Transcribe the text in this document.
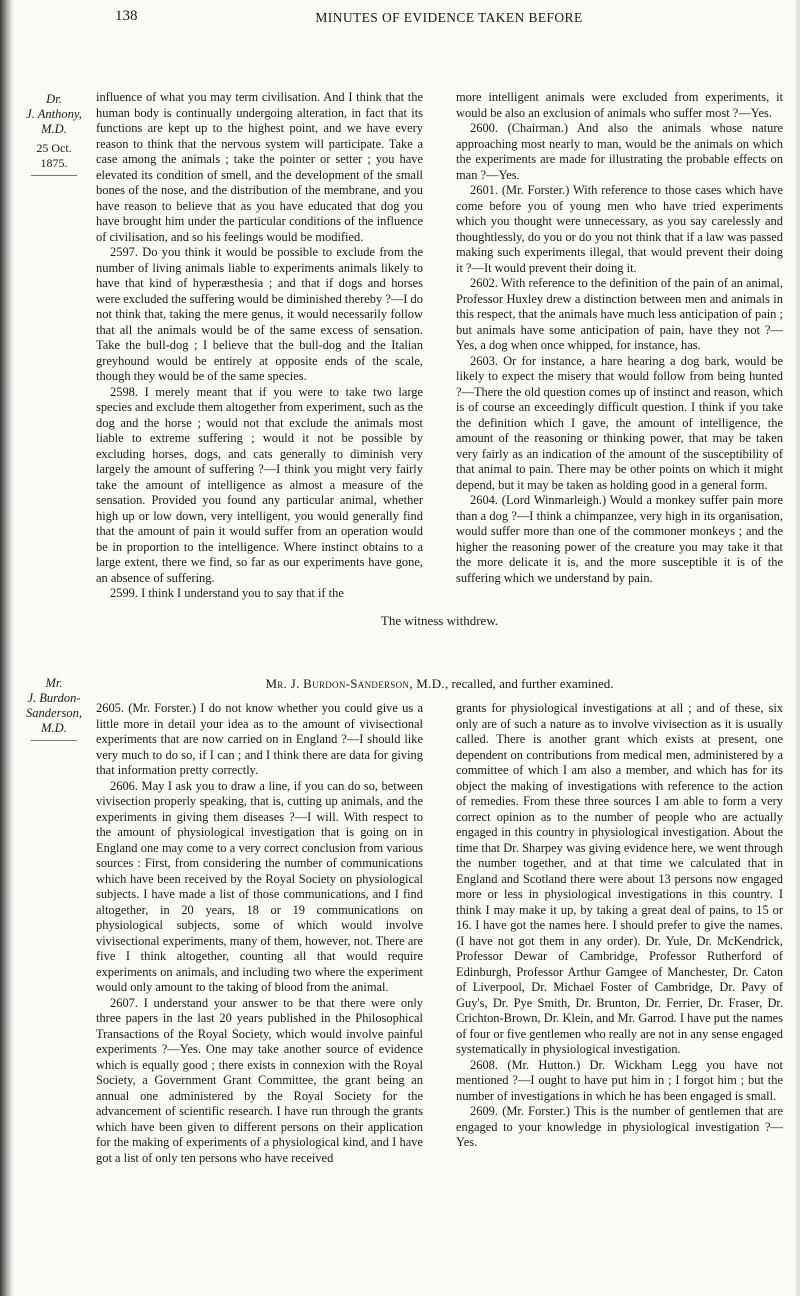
138	MINUTES OF EVIDENCE TAKEN BEFORE
Dr.
J. Anthony,
M.D.
25 Oct. 1875.

influence of what you may term civilisation. And I think that the human body is continually undergoing alteration, in fact that its functions are kept up to the highest point, and we have every reason to think that the nervous system will participate. Take a case among the animals ; take the pointer or setter ; you have elevated its condition of smell, and the development of the small bones of the nose, and the distribution of the membrane, and you have reason to believe that as you have educated that dog you have brought him under the particular conditions of the influence of civilisation, and so his feelings would be modified.

2597. Do you think it would be possible to exclude from the number of living animals liable to experiments animals likely to have that kind of hyperæsthesia ; and that if dogs and horses were excluded the suffering would be diminished thereby ?—I do not think that, taking the mere genus, it would necessarily follow that all the animals would be of the same excess of sensation. Take the bull-dog ; I believe that the bull-dog and the Italian greyhound would be entirely at opposite ends of the scale, though they would be of the same species.

2598. I merely meant that if you were to take two large species and exclude them altogether from experiment, such as the dog and the horse ; would not that exclude the animals most liable to extreme suffering ; would it not be possible by excluding horses, dogs, and cats generally to diminish very largely the amount of suffering ?—I think you might very fairly take the amount of intelligence as almost a measure of the sensation. Provided you found any particular animal, whether high up or low down, very intelligent, you would generally find that the amount of pain it would suffer from an operation would be in proportion to the intelligence. Where instinct obtains to a large extent, there we find, so far as our experiments have gone, an absence of suffering.

2599. I think I understand you to say that if the

more intelligent animals were excluded from experiments, it would be also an exclusion of animals who suffer most ?—Yes.

2600. (Chairman.) And also the animals whose nature approaching most nearly to man, would be the animals on which the experiments are made for illustrating the probable effects on man ?—Yes.

2601. (Mr. Forster.) With reference to those cases which have come before you of young men who have tried experiments which you thought were unnecessary, as you say carelessly and thoughtlessly, do you or do you not think that if a law was passed making such experiments illegal, that would prevent their doing it ?—It would prevent their doing it.

2602. With reference to the definition of the pain of an animal, Professor Huxley drew a distinction between men and animals in this respect, that the animals have much less anticipation of pain ; but animals have some anticipation of pain, have they not ?—Yes, a dog when once whipped, for instance, has.

2603. Or for instance, a hare hearing a dog bark, would be likely to expect the misery that would follow from being hunted ?—There the old question comes up of instinct and reason, which is of course an exceedingly difficult question. I think if you take the definition which I gave, the amount of intelligence, the amount of the reasoning or thinking power, that may be taken very fairly as an indication of the amount of the susceptibility of that animal to pain. There may be other points on which it might depend, but it may be taken as holding good in a general form.

2604. (Lord Winmarleigh.) Would a monkey suffer pain more than a dog ?—I think a chimpanzee, very high in its organisation, would suffer more than one of the commoner monkeys ; and the higher the reasoning power of the creature you may take it that the more delicate it is, and the more susceptible it is of the suffering which we understand by pain.

The witness withdrew.
Mr.
J. Burdon-
Sanderson,
M.D.
Mr. J. Burdon-Sanderson, M.D., recalled, and further examined.

2605. (Mr. Forster.) I do not know whether you could give us a little more in detail your idea as to the amount of vivisectional experiments that are now carried on in England ?—I should like very much to do so, if I can ; and I think there are data for giving that information pretty correctly.

2606. May I ask you to draw a line, if you can do so, between vivisection properly speaking, that is, cutting up animals, and the experiments in giving them diseases ?—I will. With respect to the amount of physiological investigation that is going on in England one may come to a very correct conclusion from various sources : First, from considering the number of communications which have been received by the Royal Society on physiological subjects. I have made a list of those communications, and I find altogether, in 20 years, 18 or 19 communications on physiological subjects, some of which would involve vivisectional experiments, many of them, however, not. There are five I think altogether, counting all that would require experiments on animals, and including two where the experiment would only amount to the taking of blood from the animal.

2607. I understand your answer to be that there were only three papers in the last 20 years published in the Philosophical Transactions of the Royal Society, which would involve painful experiments ?—Yes. One may take another source of evidence which is equally good ; there exists in connexion with the Royal Society, a Government Grant Committee, the grant being an annual one administered by the Royal Society for the advancement of scientific research. I have run through the grants which have been given to different persons on their application for the making of experiments of a physiological kind, and I have got a list of only ten persons who have received

grants for physiological investigations at all ; and of these, six only are of such a nature as to involve vivisection as it is usually called. There is another grant which exists at present, one dependent on contributions from medical men, administered by a committee of which I am also a member, and which has for its object the making of investigations with reference to the action of remedies. From these three sources I am able to form a very correct opinion as to the number of people who are actually engaged in this country in physiological investigation. About the time that Dr. Sharpey was giving evidence here, we went through the number together, and at that time we calculated that in England and Scotland there were about 13 persons now engaged more or less in physiological investigations in this country. I think I may make it up, by taking a great deal of pains, to 15 or 16. I have got the names here. I should prefer to give the names. (I have not got them in any order). Dr. Yule, Dr. McKendrick, Professor Dewar of Cambridge, Professor Rutherford of Edinburgh, Professor Arthur Gamgee of Manchester, Dr. Caton of Liverpool, Dr. Michael Foster of Cambridge, Dr. Pavy of Guy's, Dr. Pye Smith, Dr. Brunton, Dr. Ferrier, Dr. Fraser, Dr. Crichton-Brown, Dr. Klein, and Mr. Garrod. I have put the names of four or five gentlemen who really are not in any sense engaged systematically in physiological investigation.

2608. (Mr. Hutton.) Dr. Wickham Legg you have not mentioned ?—I ought to have put him in ; I forgot him ; but the number of investigations in which he has been engaged is small.

2609. (Mr. Forster.) This is the number of gentlemen that are engaged to your knowledge in physiological investigation ?—Yes.
